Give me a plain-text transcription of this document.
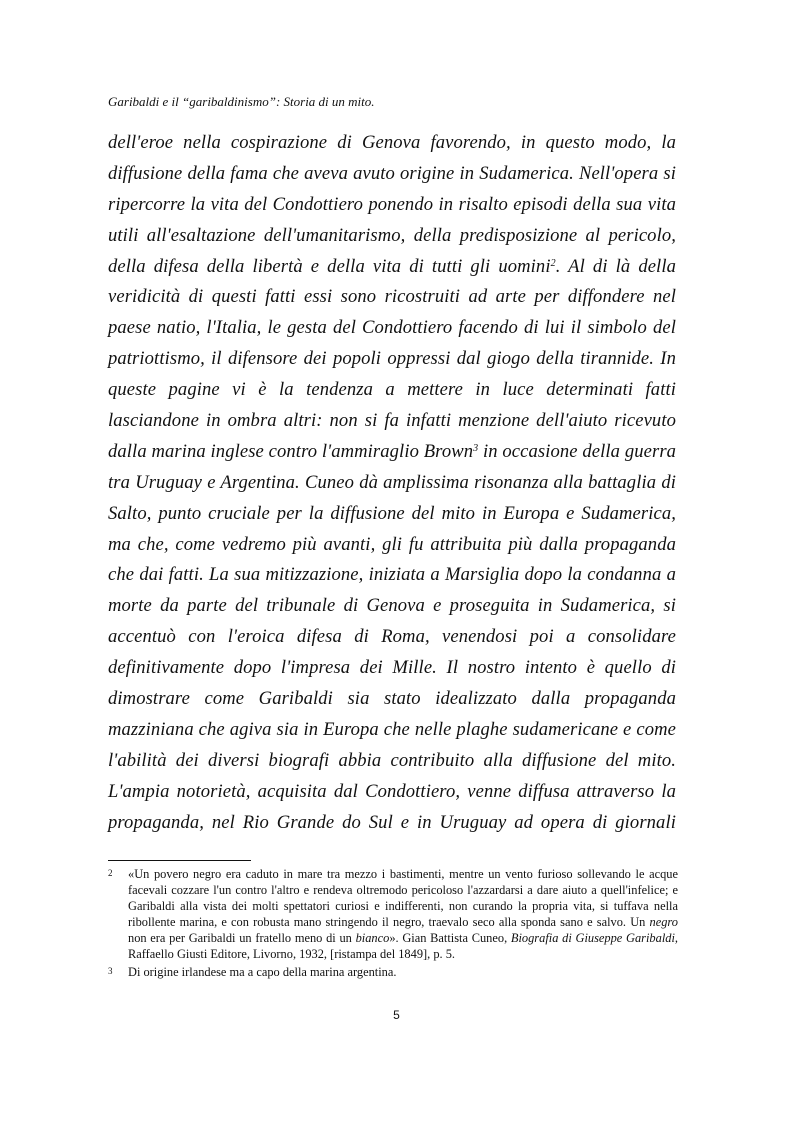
Garibaldi e il “garibaldinismo”: Storia di un mito.
dell'eroe nella cospirazione di Genova favorendo, in questo modo, la
diffusione della fama che aveva avuto origine in Sudamerica. Nell'opera si
ripercorre la vita del Condottiero ponendo in risalto episodi della sua vita
utili all'esaltazione dell'umanitarismo, della predisposizione al pericolo,
della difesa della libertà e della vita di tutti gli uomini$^2$. Al di là della
veridicità di questi fatti essi sono ricostruiti ad arte per diffondere nel
paese natio, l'Italia, le gesta del Condottiero facendo di lui il simbolo del
patriottismo, il difensore dei popoli oppressi dal giogo della tirannide. In
queste pagine vi è la tendenza a mettere in luce determinati fatti
lasciandone in ombra altri: non si fa infatti menzione dell'aiuto ricevuto
dalla marina inglese contro l'ammiraglio Brown$^3$ in occasione della guerra
tra Uruguay e Argentina. Cuneo dà amplissima risonanza alla battaglia di
Salto, punto cruciale per la diffusione del mito in Europa e Sudamerica,
ma che, come vedremo più avanti, gli fu attribuita più dalla propaganda
che dai fatti. La sua mitizzazione, iniziata a Marsiglia dopo la condanna a
morte da parte del tribunale di Genova e proseguita in Sudamerica, si
accentuò con l'eroica difesa di Roma, venendosi poi a consolidare
definitivamente dopo l'impresa dei Mille. Il nostro intento è quello di
dimostrare come Garibaldi sia stato idealizzato dalla propaganda
mazziniana che agiva sia in Europa che nelle plaghe sudamericane e come
l'abilità dei diversi biografi abbia contribuito alla diffusione del mito.
L'ampia notorietà, acquisita dal Condottiero, venne diffusa attraverso la
propaganda, nel Rio Grande do Sul e in Uruguay ad opera di giornali
2 «Un povero negro era caduto in mare tra mezzo i bastimenti, mentre un vento furioso sollevando le acque facevali cozzare l'un contro l'altro e rendeva oltremodo pericoloso l'azzardarsi a dare aiuto a quell'infelice; e Garibaldi alla vista dei molti spettatori curiosi e indifferenti, non curando la propria vita, si tuffava nella ribollente marina, e con robusta mano stringendo il negro, traevalo seco alla sponda sano e salvo. Un negro non era per Garibaldi un fratello meno di un bianco». Gian Battista Cuneo, Biografia di Giuseppe Garibaldi, Raffaello Giusti Editore, Livorno, 1932, [ristampa del 1849], p. 5.
3 Di origine irlandese ma a capo della marina argentina.
5
